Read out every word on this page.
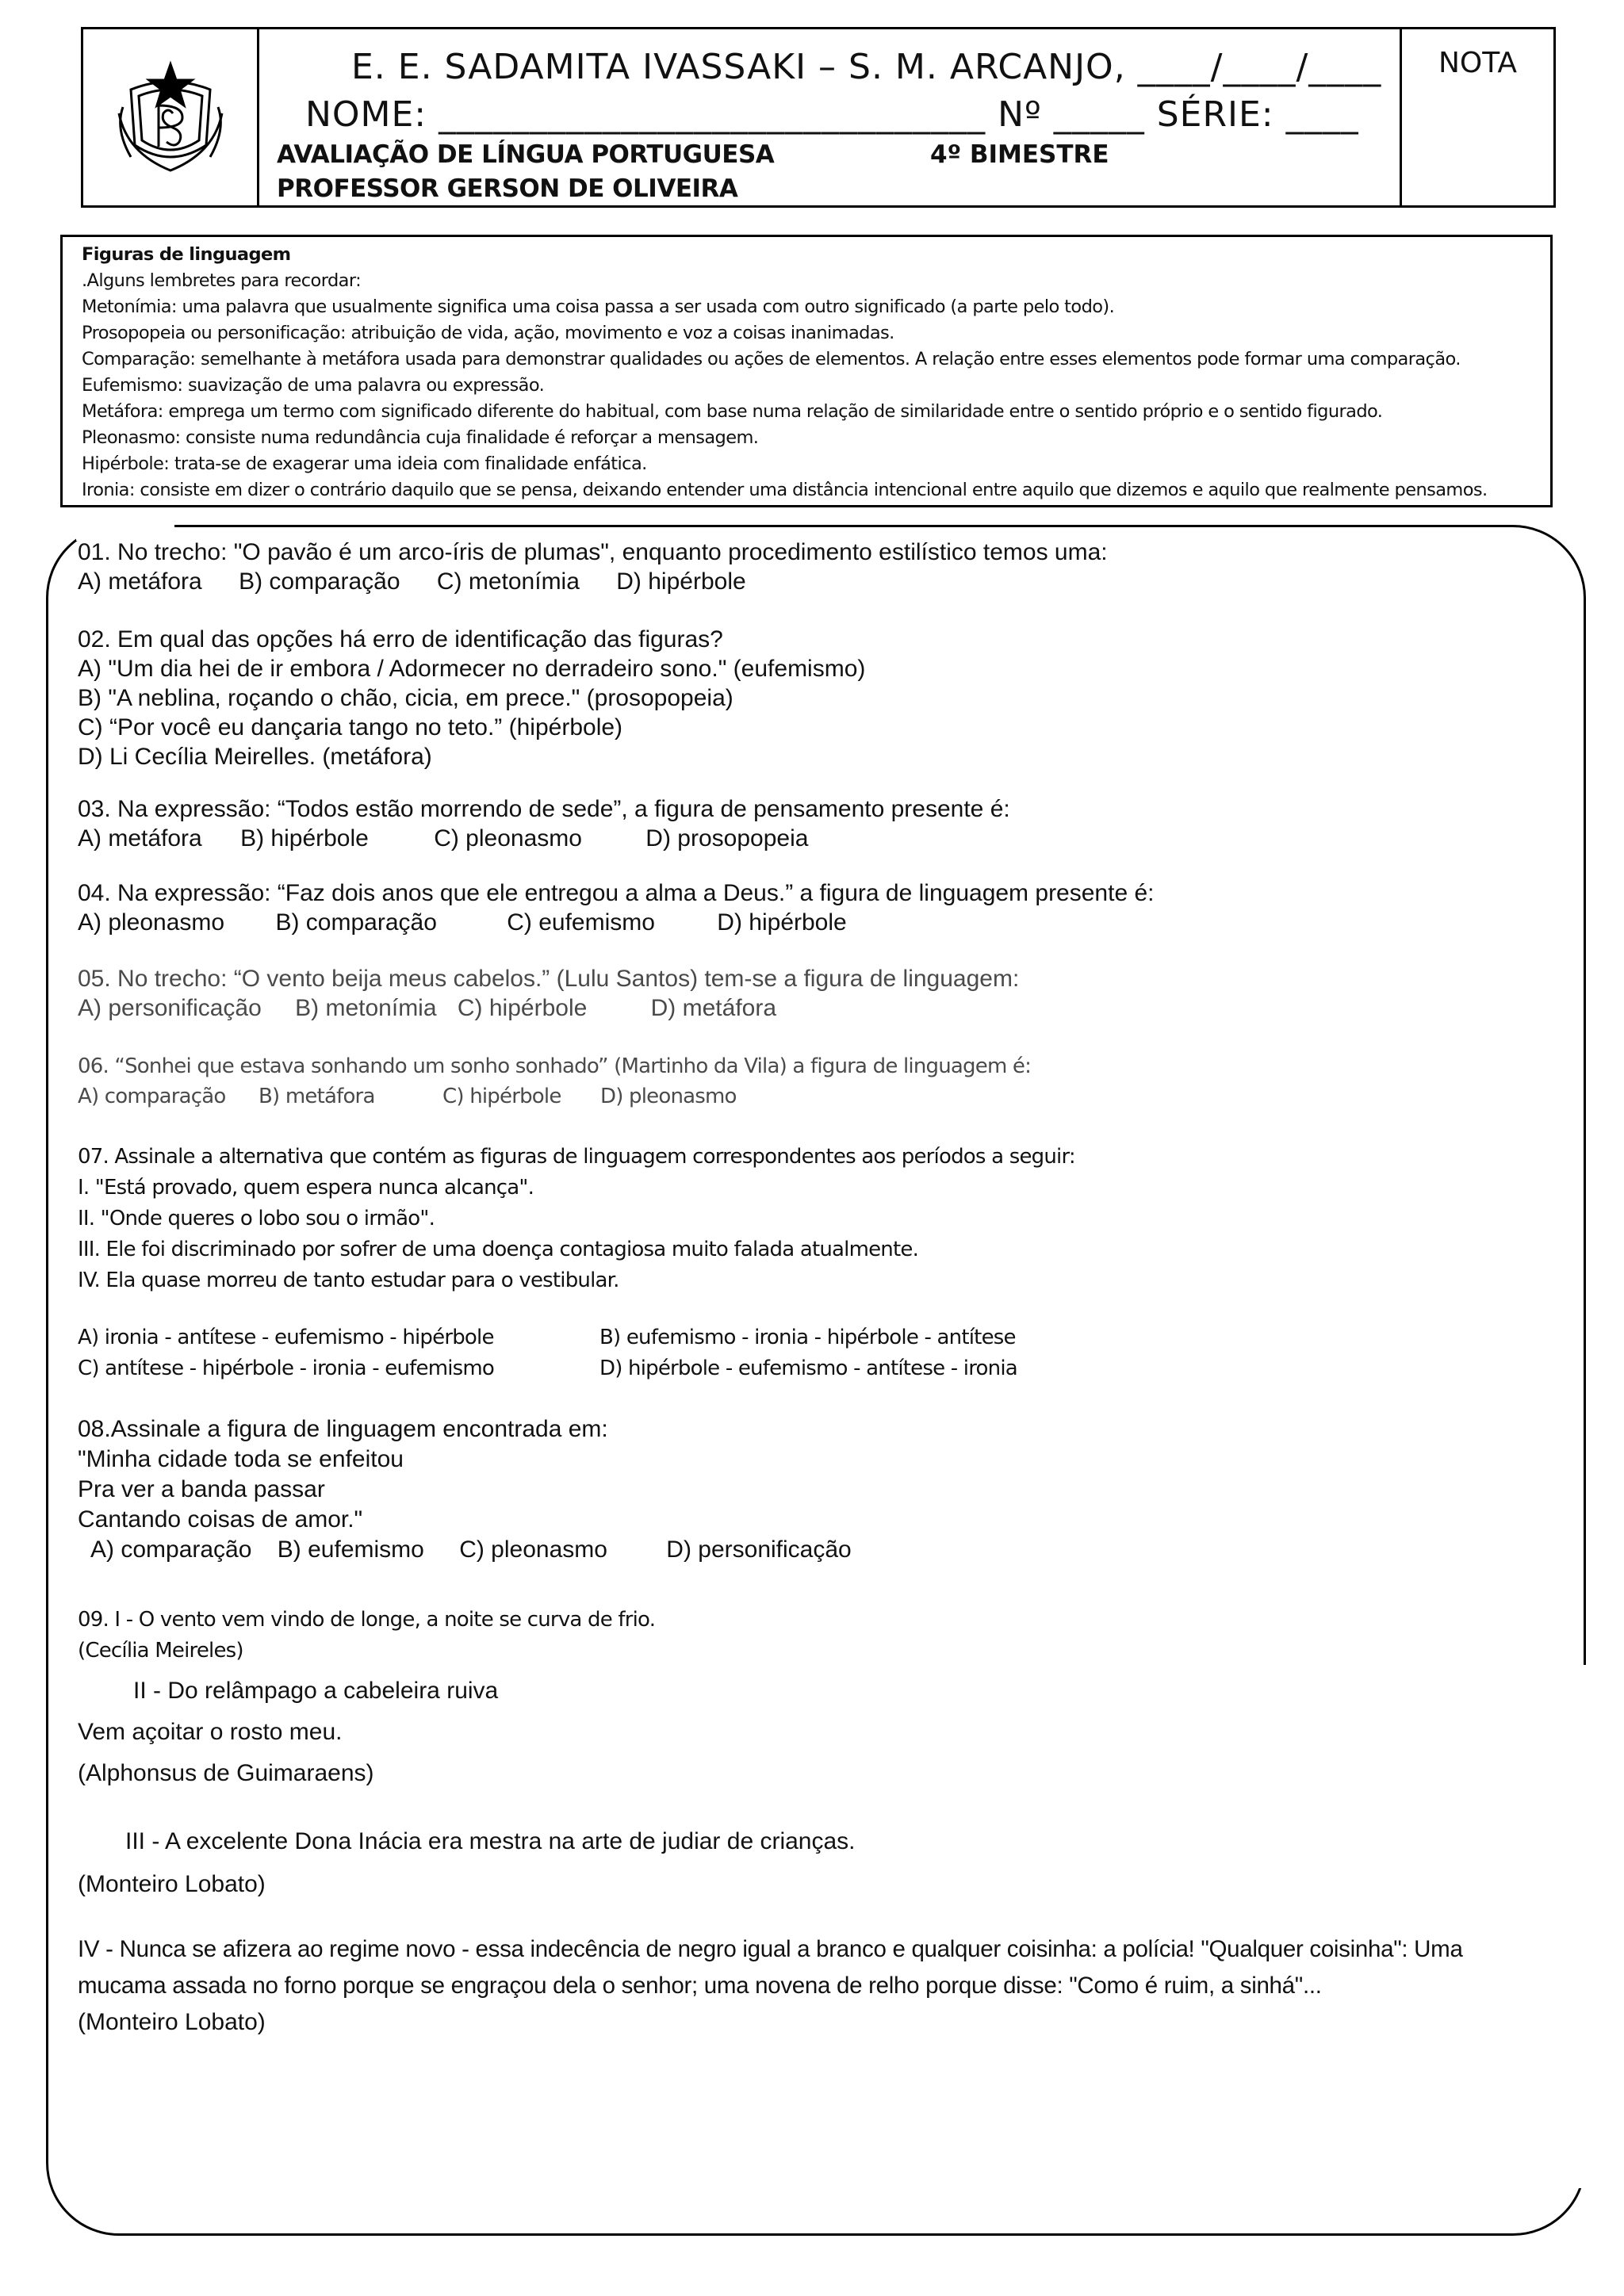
E. E. SADAMITA IVASSAKI – S. M. ARCANJO, ____/____/____
NOME: ______________________________ Nº _____ SÉRIE: ____
AVALIAÇÃO DE LÍNGUA PORTUGUESA	4º BIMESTRE
PROFESSOR GERSON DE OLIVEIRA
NOTA
Figuras de linguagem
.Alguns lembretes para recordar:
Metonímia: uma palavra que usualmente significa uma coisa passa a ser usada com outro significado (a parte pelo todo).
Prosopopeia ou personificação: atribuição de vida, ação, movimento e voz a coisas inanimadas.
Comparação: semelhante à metáfora usada para demonstrar qualidades ou ações de elementos. A relação entre esses elementos pode formar uma comparação.
Eufemismo: suavização de uma palavra ou expressão.
Metáfora: emprega um termo com significado diferente do habitual, com base numa relação de similaridade entre o sentido próprio e o sentido figurado.
Pleonasmo: consiste numa redundância cuja finalidade é reforçar a mensagem.
Hipérbole: trata-se de exagerar uma ideia com finalidade enfática.
Ironia: consiste em dizer o contrário daquilo que se pensa, deixando entender uma distância intencional entre aquilo que dizemos e aquilo que realmente pensamos.
01. No trecho: "O pavão é um arco-íris de plumas", enquanto procedimento estilístico temos uma:
A) metáfora B) comparação C) metonímia D) hipérbole
02. Em qual das opções há erro de identificação das figuras?
A) "Um dia hei de ir embora / Adormecer no derradeiro sono." (eufemismo)
B) "A neblina, roçando o chão, cicia, em prece." (prosopopeia)
C) “Por você eu dançaria tango no teto.” (hipérbole)
D) Li Cecília Meirelles. (metáfora)
03. Na expressão: “Todos estão morrendo de sede”, a figura de pensamento presente é:
A) metáfora B) hipérbole	C) pleonasmo	D) prosopopeia
04. Na expressão: “Faz dois anos que ele entregou a alma a Deus.” a figura de linguagem presente é:
A) pleonasmo B) comparação	C) eufemismo	D) hipérbole
05. No trecho: “O vento beija meus cabelos.” (Lulu Santos) tem-se a figura de linguagem:
A) personificação B) metonímia C) hipérbole	D) metáfora
06. “Sonhei que estava sonhando um sonho sonhado” (Martinho da Vila) a figura de linguagem é:
A) comparação B) metáfora	C) hipérbole D) pleonasmo
07. Assinale a alternativa que contém as figuras de linguagem correspondentes aos períodos a seguir:
I. "Está provado, quem espera nunca alcança".
II. "Onde queres o lobo sou o irmão".
III. Ele foi discriminado por sofrer de uma doença contagiosa muito falada atualmente.
IV. Ela quase morreu de tanto estudar para o vestibular.
A) ironia - antítese - eufemismo - hipérbole
C) antítese - hipérbole - ironia - eufemismo
B) eufemismo - ironia - hipérbole - antítese
D) hipérbole - eufemismo - antítese - ironia
08.Assinale a figura de linguagem encontrada em:
"Minha cidade toda se enfeitou
Pra ver a banda passar
Cantando coisas de amor."
A) comparação B) eufemismo C) pleonasmo D) personificação
09. I - O vento vem vindo de longe, a noite se curva de frio.
(Cecília Meireles)
II - Do relâmpago a cabeleira ruiva
Vem açoitar o rosto meu.
(Alphonsus de Guimaraens)
III - A excelente Dona Inácia era mestra na arte de judiar de crianças.
(Monteiro Lobato)
IV - Nunca se afizera ao regime novo - essa indecência de negro igual a branco e qualquer coisinha: a polícia! "Qualquer coisinha": Uma
mucama assada no forno porque se engraçou dela o senhor; uma novena de relho porque disse: "Como é ruim, a sinhá"...
(Monteiro Lobato)
